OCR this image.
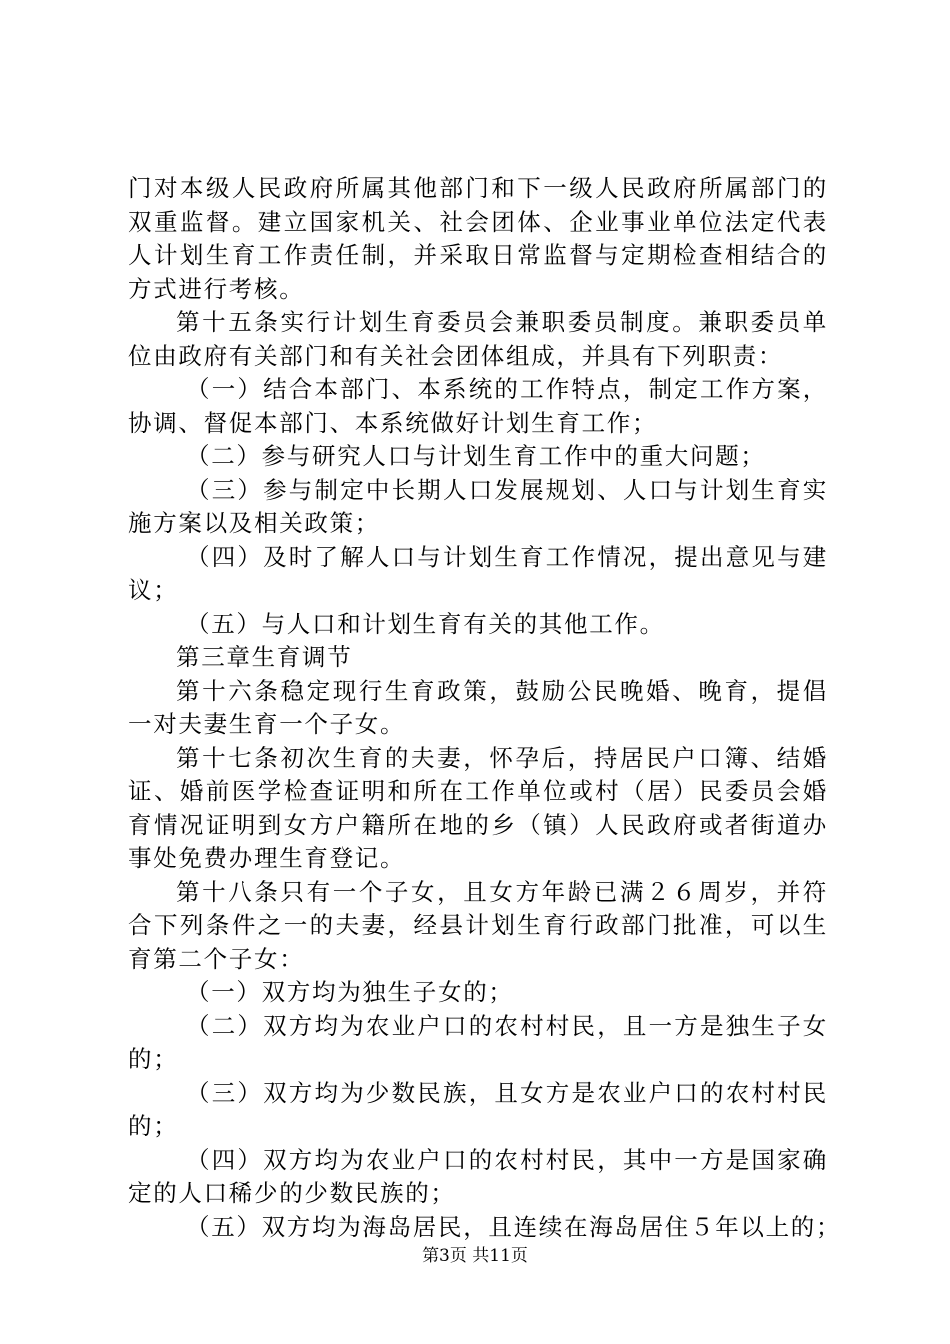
门对本级人民政府所属其他部门和下一级人民政府所属部门的
双重监督。建立国家机关、社会团体、企业事业单位法定代表
人计划生育工作责任制，并采取日常监督与定期检查相结合的
方式进行考核。
第十五条实行计划生育委员会兼职委员制度。兼职委员单
位由政府有关部门和有关社会团体组成，并具有下列职责：
（一）结合本部门、本系统的工作特点，制定工作方案，
协调、督促本部门、本系统做好计划生育工作；
（二）参与研究人口与计划生育工作中的重大问题；
（三）参与制定中长期人口发展规划、人口与计划生育实
施方案以及相关政策；
（四）及时了解人口与计划生育工作情况，提出意见与建
议；
（五）与人口和计划生育有关的其他工作。
第三章生育调节
第十六条稳定现行生育政策，鼓励公民晚婚、晚育，提倡
一对夫妻生育一个子女。
第十七条初次生育的夫妻，怀孕后，持居民户口簿、结婚
证、婚前医学检查证明和所在工作单位或村（居）民委员会婚
育情况证明到女方户籍所在地的乡（镇）人民政府或者街道办
事处免费办理生育登记。
第十八条只有一个子女，且女方年龄已满２６周岁，并符
合下列条件之一的夫妻，经县计划生育行政部门批准，可以生
育第二个子女：
（一）双方均为独生子女的；
（二）双方均为农业户口的农村村民，且一方是独生子女
的；
（三）双方均为少数民族，且女方是农业户口的农村村民
的；
（四）双方均为农业户口的农村村民，其中一方是国家确
定的人口稀少的少数民族的；
（五）双方均为海岛居民，且连续在海岛居住５年以上的；
第3页 共11页
